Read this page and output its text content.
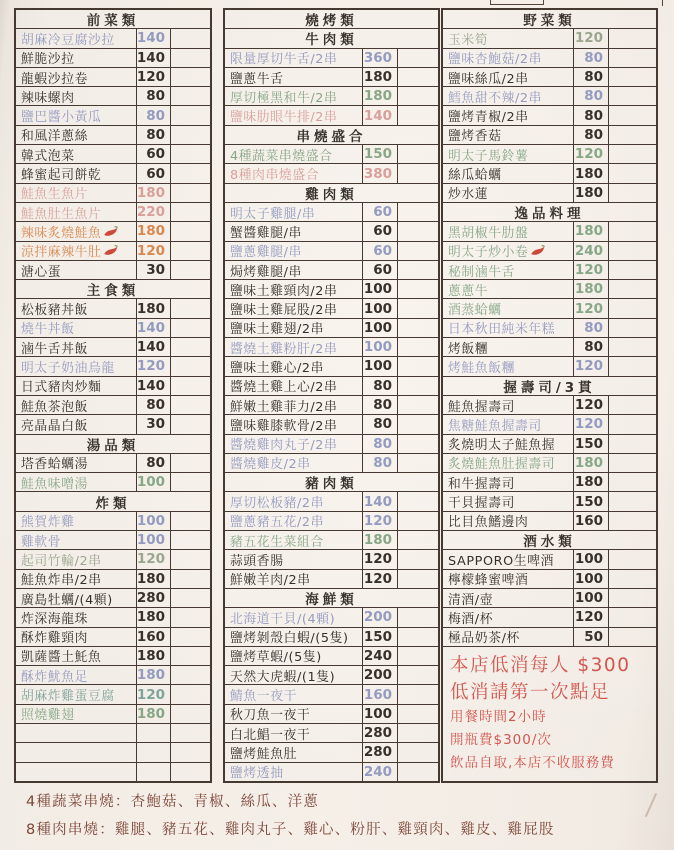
前菜類
胡麻冷豆腐沙拉 140
鮮脆沙拉	140
龍蝦沙拉卷	120
辣味螺肉	80
鹽巴醬小黃瓜	80
和風洋蔥絲	80
韓式泡菜	60
蜂蜜起司餅乾	60
鮭魚生魚片	180
鮭魚肚生魚片	220
辣味炙燒鮭魚	180
涼拌麻辣牛肚	120
溏心蛋	30
主食類
松板豬丼飯	180
燒牛丼飯	140
滷牛舌丼飯	140
明太子奶油烏龍 120
日式豬肉炒麵	140
鮭魚茶泡飯	80
亮晶晶白飯	30
湯品類
塔香蛤蠣湯	80
鮭魚味噌湯	100
炸類
熊賀炸雞	100
雞軟骨	100
起司竹輪/2串	120
鮭魚炸串/2串	180
廣島牡蠣/(4顆) 280
炸深海龍珠	180
酥炸雞頸肉	160
凱薩醬土魠魚	180
酥炸魷魚足	180
胡麻炸雞蛋豆腐 120
照燒雞翅	180
燒烤類
牛肉類
限量厚切牛舌/2串 360
鹽蔥牛舌	180
厚切極黑和牛/2串 180
鹽味肋眼牛排/2串 140
串燒盛合
4種蔬菜串燒盛合 150
8種肉串燒盛合	380
雞肉類
明太子雞腿/串	60
蟹醬雞腿/串	60
鹽蔥雞腿/串	60
焗烤雞腿/串	60
鹽味土雞頸肉/2串 100
鹽味土雞屁股/2串 100
鹽味土雞翅/2串	100
醬燒土雞粉肝/2串 100
鹽味土雞心/2串	100
醬燒土雞上心/2串	80
鮮嫩土雞菲力/2串	80
鹽味雞膝軟骨/2串	80
醬燒雞肉丸子/2串	80
醬燒雞皮/2串	80
豬肉類
厚切松板豬/2串	140
鹽蔥豬五花/2串	120
豬五花生菜組合	180
蒜頭香腸	120
鮮嫩羊肉/2串	120
海鮮類
北海道干貝/(4顆) 200
鹽烤剝殼白蝦/(5隻) 150
鹽烤草蝦/(5隻)	240
天然大虎蝦/(1隻) 200
鯖魚一夜干	160
秋刀魚一夜干	100
白北鯧一夜干	280
鹽烤鮭魚肚	280
鹽烤透抽	240
野菜類
玉米筍	120
鹽味杏鮑菇/2串	80
鹽味絲瓜/2串	80
鱈魚甜不辣/2串	80
鹽烤青椒/2串	80
鹽烤香菇	80
明太子馬鈴薯	120
絲瓜蛤蠣	180
炒水蓮	180
逸品料理
黑胡椒牛肋盤	180
明太子炒小卷	240
秘制滷牛舌	120
蔥蔥牛	180
酒蒸蛤蠣	120
日本秋田純米年糕	80
烤飯糰	80
烤鮭魚飯糰	120
握壽司/3貫
鮭魚握壽司	120
焦糖鮭魚握壽司 120
炙燒明太子鮭魚握 150
炙燒鮭魚肚握壽司 180
和牛握壽司	180
干貝握壽司	150
比目魚鰭邊肉	160
酒水類
SAPPORO生啤酒 100
檸檬蜂蜜啤酒	100
清酒/壺	100
梅酒/杯	120
極品奶茶/杯	50
本店低消每人 $300
低消請第一次點足
用餐時間2小時
開瓶費$300/次
飲品自取,本店不收服務費
4種蔬菜串燒：杏鮑菇、青椒、絲瓜、洋蔥
8種肉串燒：雞腿、豬五花、雞肉丸子、雞心、粉肝、雞頸肉、雞皮、雞屁股
